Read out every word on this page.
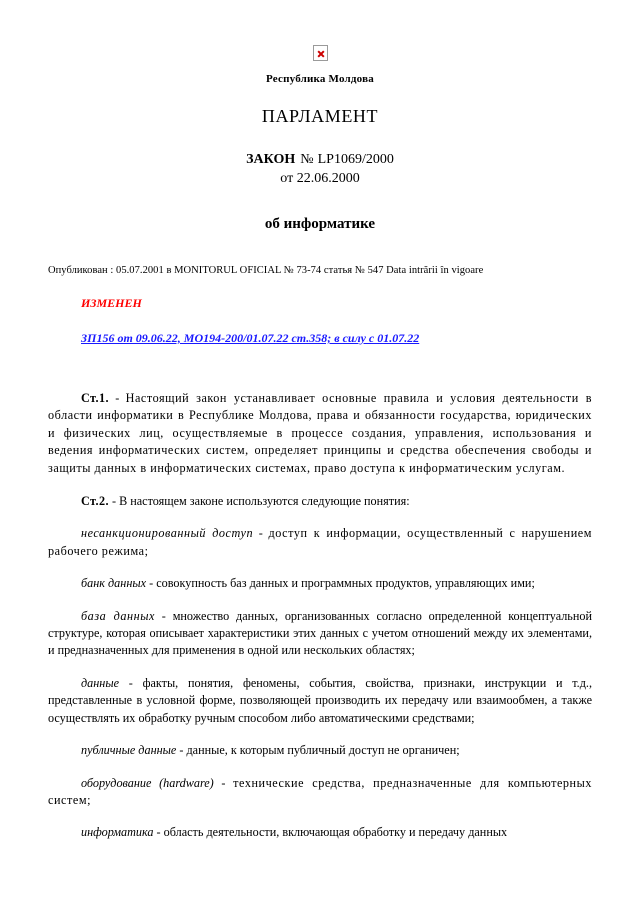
Республика Молдова
ПАРЛАМЕНТ
ЗАКОН № LP1069/2000
от 22.06.2000
об информатике
Опубликован : 05.07.2001 в MONITORUL OFICIAL № 73-74 статья № 547 Data intrării în vigoare
ИЗМЕНЕН
ЗП156 от 09.06.22, МО194-200/01.07.22 ст.358; в силу с 01.07.22
Ст.1. - Настоящий закон устанавливает основные правила и условия деятельности в области информатики в Республике Молдова, права и обязанности государства, юридических и физических лиц, осуществляемые в процессе создания, управления, использования и ведения информатических систем, определяет принципы и средства обеспечения свободы и защиты данных в информатических системах, право доступа к информатическим услугам.
Ст.2. - В настоящем законе используются следующие понятия:
несанкционированный доступ - доступ к информации, осуществленный с нарушением рабочего режима;
банк данных - совокупность баз данных и программных продуктов, управляющих ими;
база данных - множество данных, организованных согласно определенной концептуальной структуре, которая описывает характеристики этих данных с учетом отношений между их элементами, и предназначенных для применения в одной или нескольких областях;
данные - факты, понятия, феномены, события, свойства, признаки, инструкции и т.д., представленные в условной форме, позволяющей производить их передачу или взаимообмен, а также осуществлять их обработку ручным способом либо автоматическими средствами;
публичные данные - данные, к которым публичный доступ не органичен;
оборудование (hardware) - технические средства, предназначенные для компьютерных систем;
информатика - область деятельности, включающая обработку и передачу данных
